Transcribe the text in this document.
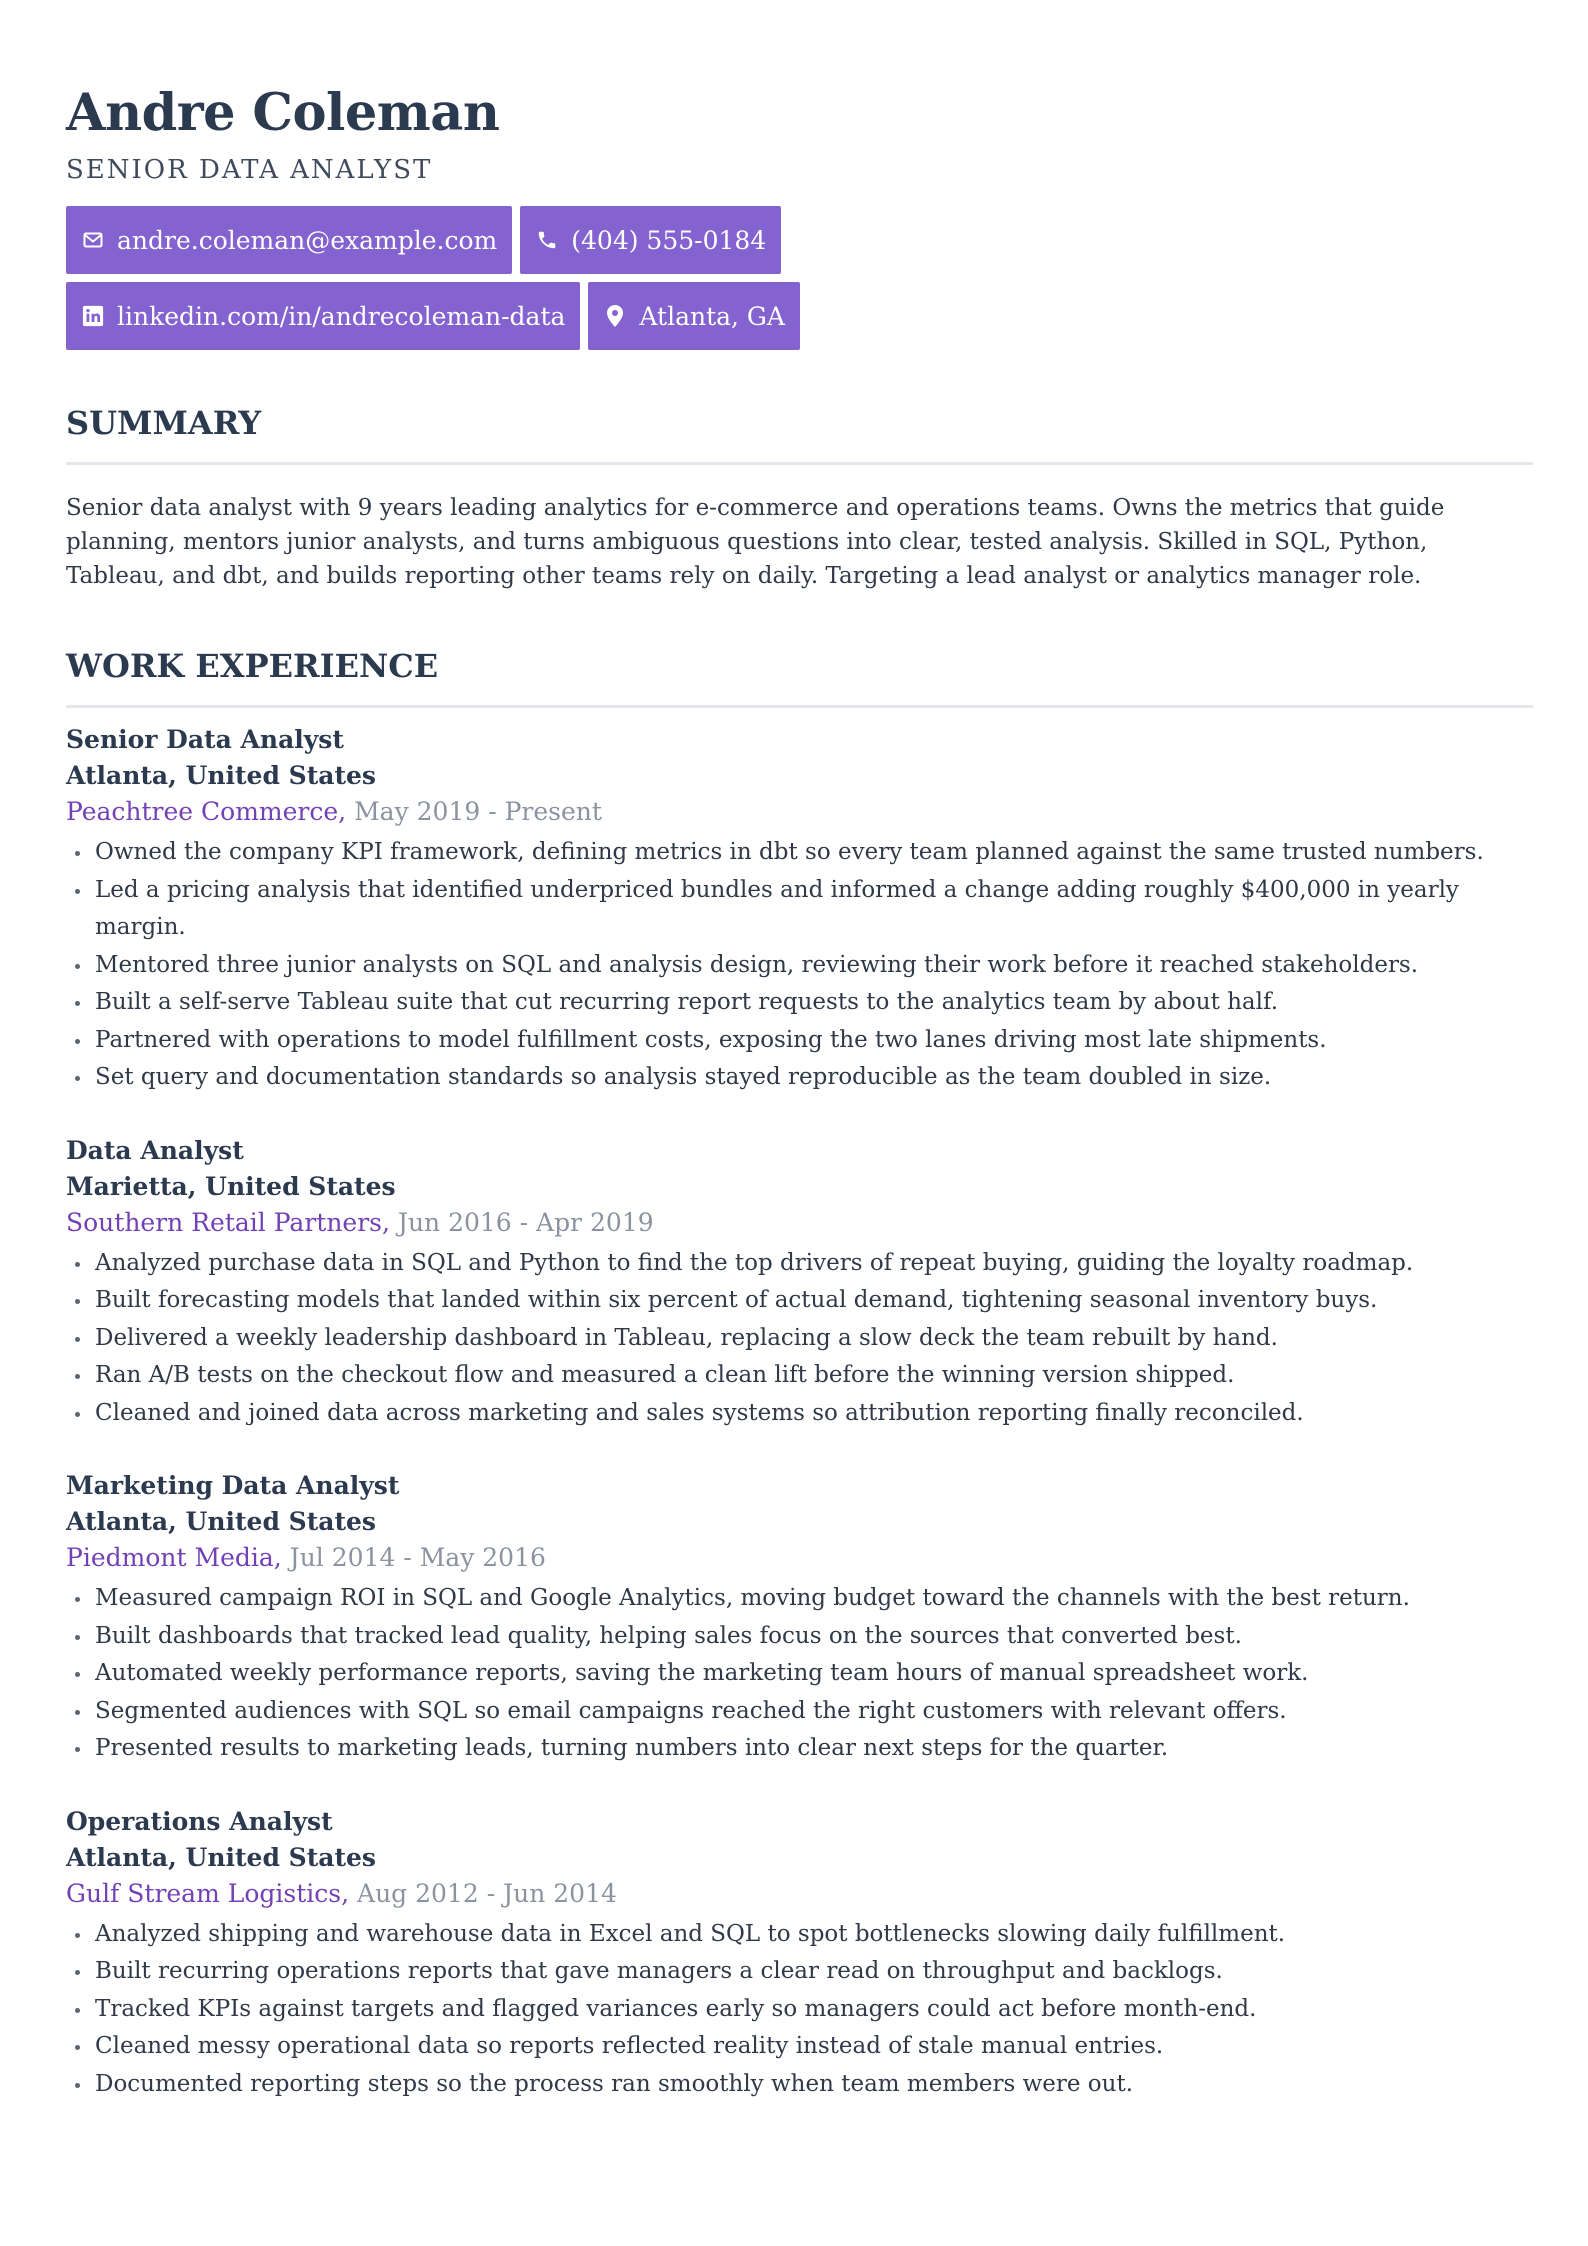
Andre Coleman
SENIOR DATA ANALYST
andre.coleman@example.com	(404) 555-0184
linkedin.com/in/andrecoleman-data	Atlanta, GA
SUMMARY

Senior data analyst with 9 years leading analytics for e-commerce and operations teams. Owns the metrics that guide planning, mentors junior analysts, and turns ambiguous questions into clear, tested analysis. Skilled in SQL, Python, Tableau, and dbt, and builds reporting other teams rely on daily. Targeting a lead analyst or analytics manager role.

WORK EXPERIENCE
Senior Data Analyst
Atlanta, United States
Peachtree Commerce, May 2019 - Present
Owned the company KPI framework, defining metrics in dbt so every team planned against the same trusted numbers.
Led a pricing analysis that identified underpriced bundles and informed a change adding roughly $400,000 in yearly margin.
Mentored three junior analysts on SQL and analysis design, reviewing their work before it reached stakeholders.
Built a self-serve Tableau suite that cut recurring report requests to the analytics team by about half.
Partnered with operations to model fulfillment costs, exposing the two lanes driving most late shipments.
Set query and documentation standards so analysis stayed reproducible as the team doubled in size.
Data Analyst
Marietta, United States
Southern Retail Partners, Jun 2016 - Apr 2019
Analyzed purchase data in SQL and Python to find the top drivers of repeat buying, guiding the loyalty roadmap.
Built forecasting models that landed within six percent of actual demand, tightening seasonal inventory buys.
Delivered a weekly leadership dashboard in Tableau, replacing a slow deck the team rebuilt by hand.
Ran A/B tests on the checkout flow and measured a clean lift before the winning version shipped.
Cleaned and joined data across marketing and sales systems so attribution reporting finally reconciled.
Marketing Data Analyst
Atlanta, United States
Piedmont Media, Jul 2014 - May 2016
Measured campaign ROI in SQL and Google Analytics, moving budget toward the channels with the best return.
Built dashboards that tracked lead quality, helping sales focus on the sources that converted best.
Automated weekly performance reports, saving the marketing team hours of manual spreadsheet work.
Segmented audiences with SQL so email campaigns reached the right customers with relevant offers.
Presented results to marketing leads, turning numbers into clear next steps for the quarter.
Operations Analyst
Atlanta, United States
Gulf Stream Logistics, Aug 2012 - Jun 2014
Analyzed shipping and warehouse data in Excel and SQL to spot bottlenecks slowing daily fulfillment.
Built recurring operations reports that gave managers a clear read on throughput and backlogs.
Tracked KPIs against targets and flagged variances early so managers could act before month-end.
Cleaned messy operational data so reports reflected reality instead of stale manual entries.
Documented reporting steps so the process ran smoothly when team members were out.
